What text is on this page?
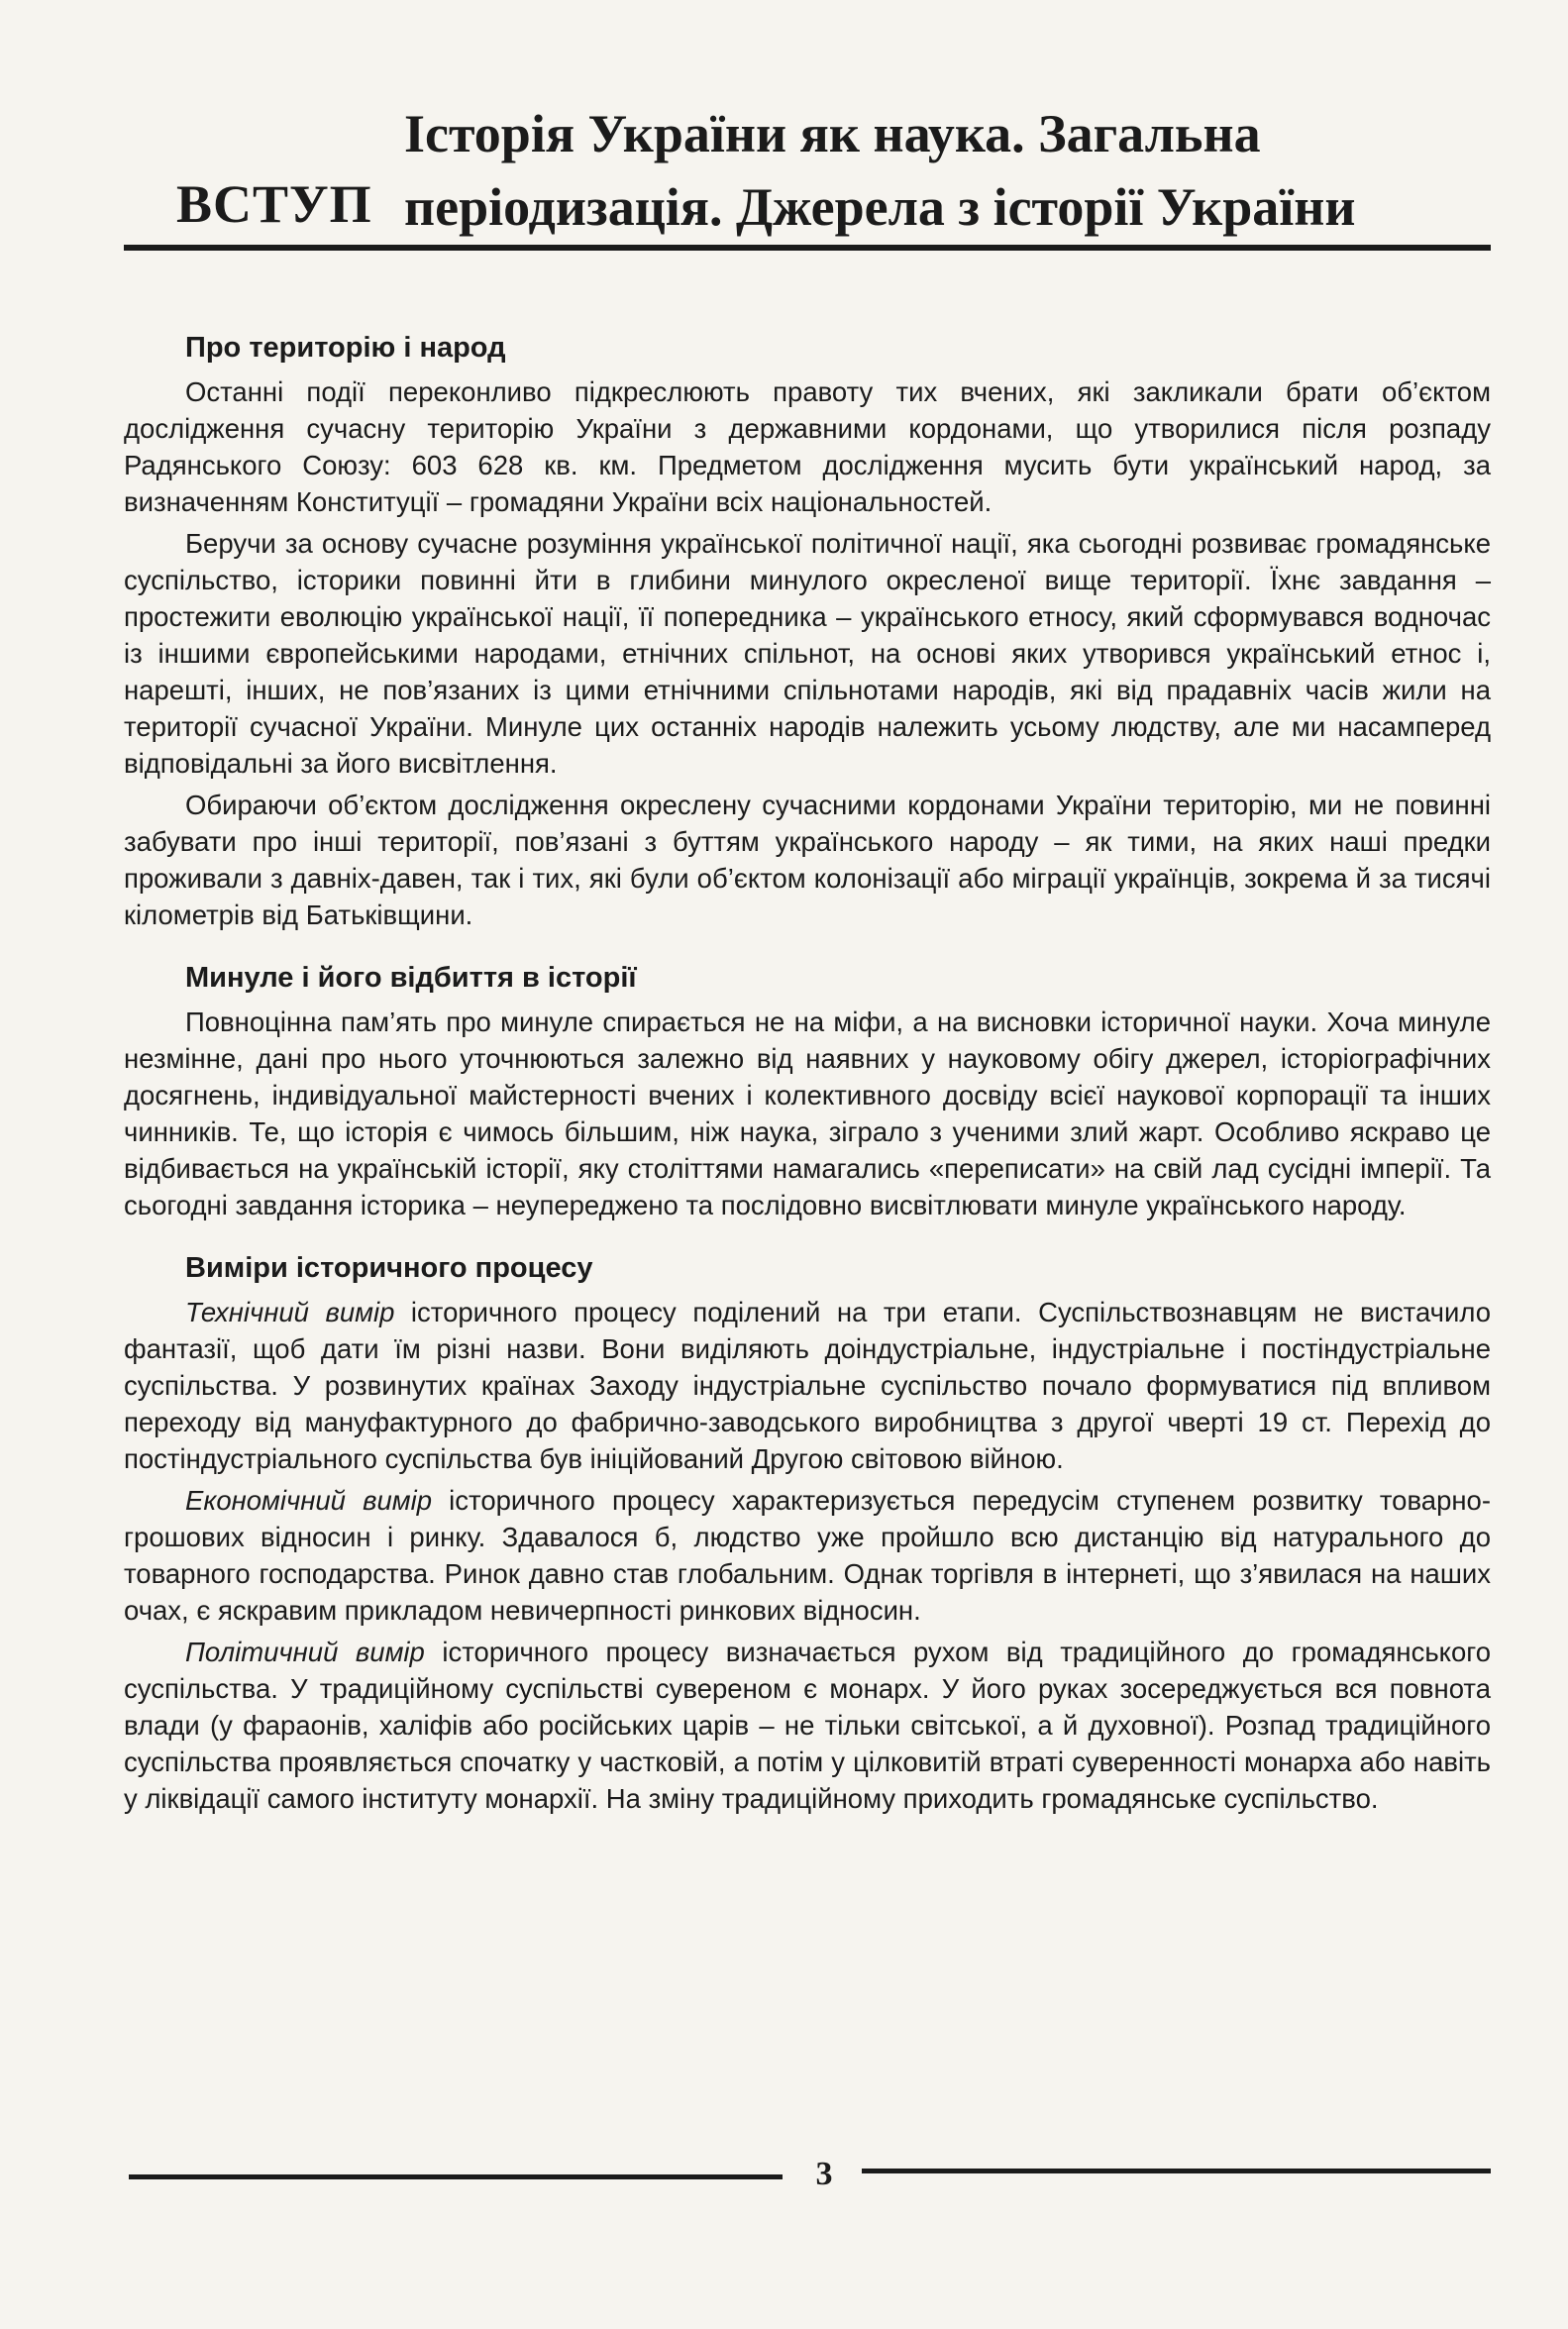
ВСТУП
Історія України як наука. Загальна періодизація. Джерела з історії України
Про територію і народ

Останні події переконливо підкреслюють правоту тих вчених, які закликали брати об’єктом дослідження сучасну територію України з державними кордонами, що утворилися після розпаду Радянського Союзу: 603 628 кв. км. Предметом дослідження мусить бути український народ, за визначенням Конституції – громадяни України всіх національностей.

Беручи за основу сучасне розуміння української політичної нації, яка сьогодні розвиває громадянське суспільство, історики повинні йти в глибини минулого окресленої вище території. Їхнє завдання – простежити еволюцію української нації, її попередника – українського етносу, який сформувався водночас із іншими європейськими народами, етнічних спільнот, на основі яких утворився український етнос і, нарешті, інших, не пов’язаних із цими етнічними спільнотами народів, які від прадавніх часів жили на території сучасної України. Минуле цих останніх народів належить усьому людству, але ми насамперед відповідальні за його висвітлення.

Обираючи об’єктом дослідження окреслену сучасними кордонами України територію, ми не повинні забувати про інші території, пов’язані з буттям українського народу – як тими, на яких наші предки проживали з давніх-давен, так і тих, які були об’єктом колонізації або міграції українців, зокрема й за тисячі кілометрів від Батьківщини.

Минуле і його відбиття в історії

Повноцінна пам’ять про минуле спирається не на міфи, а на висновки історичної науки. Хоча минуле незмінне, дані про нього уточнюються залежно від наявних у науковому обігу джерел, історіографічних досягнень, індивідуальної майстерності вчених і колективного досвіду всієї наукової корпорації та інших чинників. Те, що історія є чимось більшим, ніж наука, зіграло з ученими злий жарт. Особливо яскраво це відбивається на українській історії, яку століттями намагались «переписати» на свій лад сусідні імперії. Та сьогодні завдання історика – неупереджено та послідовно висвітлювати минуле українського народу.

Виміри історичного процесу

Технічний вимір історичного процесу поділений на три етапи. Суспільствознавцям не вистачило фантазії, щоб дати їм різні назви. Вони виділяють доіндустріальне, індустріальне і постіндустріальне суспільства. У розвинутих країнах Заходу індустріальне суспільство почало формуватися під впливом переходу від мануфактурного до фабрично-заводського виробництва з другої чверті 19 ст. Перехід до постіндустріального суспільства був ініційований Другою світовою війною.

Економічний вимір історичного процесу характеризується передусім ступенем розвитку товарно-грошових відносин і ринку. Здавалося б, людство уже пройшло всю дистанцію від натурального до товарного господарства. Ринок давно став глобальним. Однак торгівля в інтернеті, що з’явилася на наших очах, є яскравим прикладом невичерпності ринкових відносин.

Політичний вимір історичного процесу визначається рухом від традиційного до громадянського суспільства. У традиційному суспільстві сувереном є монарх. У його руках зосереджується вся повнота влади (у фараонів, халіфів або російських царів – не тільки світської, а й духовної). Розпад традиційного суспільства проявляється спочатку у частковій, а потім у цілковитій втраті суверенності монарха або навіть у ліквідації самого інституту монархії. На зміну традиційному приходить громадянське суспільство.

3
